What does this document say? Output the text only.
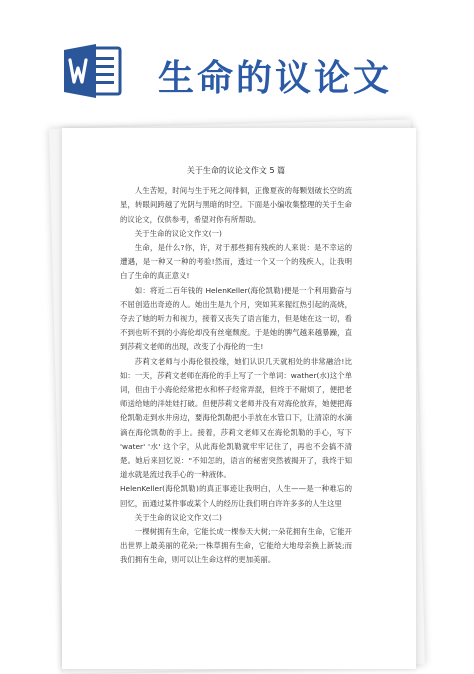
生命的议论文
关于生命的议论文作文 5 篇

人生苦短，时间与生于死之间徘徊，正像夏夜的每颗划破长空的流星，转眼间跨越了光阴与黑暗的时空。下面是小编收集整理的关于生命的议论文，仅供参考，希望对你有所帮助。

关于生命的议论文作文(一)

生命，是什么?你，许，对于那些拥有残疾的人来说：是不幸运的遭遇，是一种又一种的考验!然而，透过一个又一个的残疾人，让我明白了生命的真正意义!

如：将近二百年钱的 HelenKeller(海伦凯勒)便是一个利用勤奋与不屈创造出奇迹的人。她出生是九个月，突如其来猩红热引起的高烧，夺去了她的听力和视力，接着又丧失了语言能力，但是她在这一切，看不到也听不到的小海伦却没有丝毫颓废。于是她的脾气越来越暴躁，直到莎莉文老师的出现，改变了小海伦的一生!

莎莉文老师与小海伦很投缘，她们认识几天就相处的非常融洽!比如：一天，莎莉文老师在海伦的手上写了一个单词：wather(水)这个单词，但由于小海伦经常把水和杯子经常弄混，但终于不耐烦了，便把老师送给她的洋娃娃打破。但便莎莉文老师并没有对海伦放弃，她便把海伦凯勒走到水井房边，要海伦凯勒把小手放在水管口下，让清凉的水滴滴在海伦凯勒的手上。接着，莎莉文老师又在海伦凯勒的手心，写下 'water' '水' 这个字，从此海伦凯勒就牢牢记住了，再也不会搞不清楚。她后来回忆说："不知怎的，语言的秘密突然被揭开了，我终于知道水就是流过我手心的一种液体。

HelenKeller(海伦凯勒)的真正事迹让我明白，人生——是一种难忘的回忆，而通过某件事或某个人的经历让我们明白许许多多的人生这里

关于生命的议论文作文(二)

一棵树拥有生命，它能长成一棵参天大树;一朵花拥有生命，它能开出世界上最美丽的花朵;一株草拥有生命，它能给大地母亲换上新装;而我们拥有生命，则可以让生命这样的更加美丽。
